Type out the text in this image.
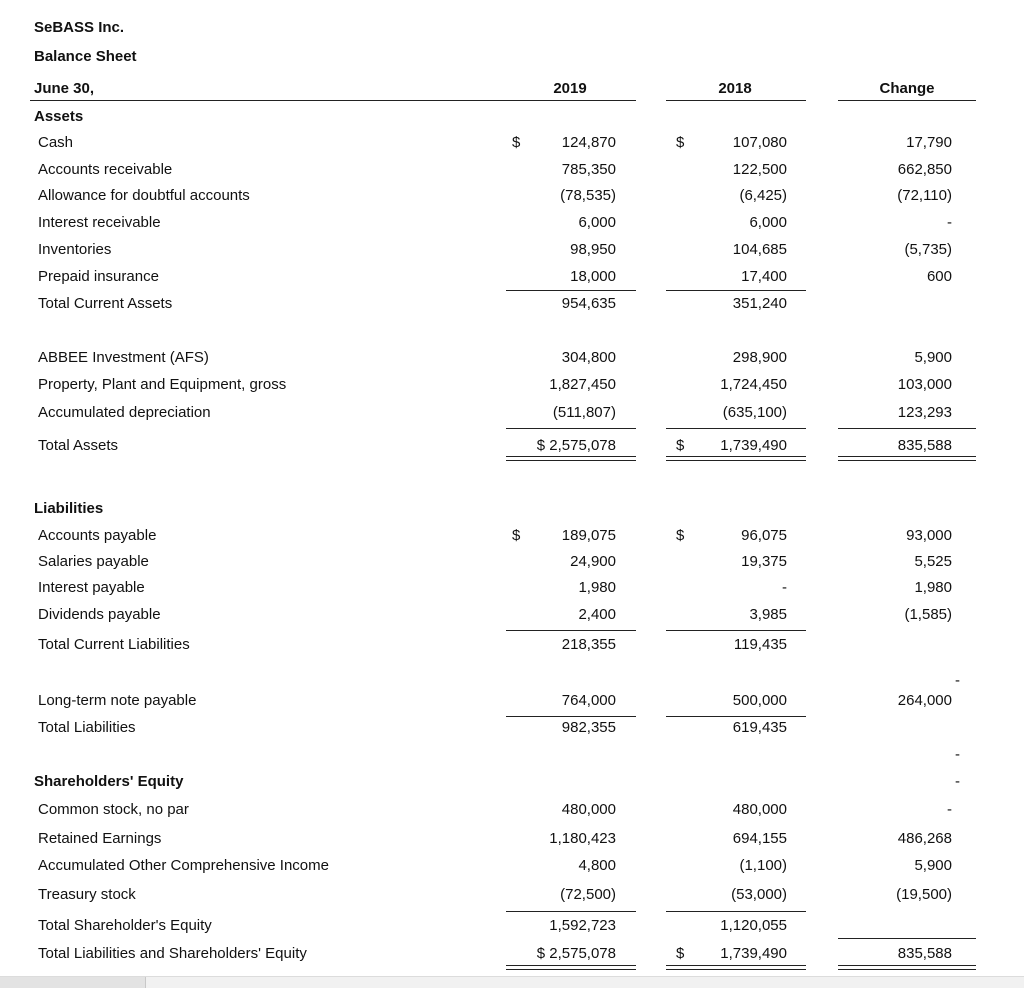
SeBASS Inc.
Balance Sheet
June 30,	2019	2018	Change
Assets
Liabilities
Shareholders' Equity
Cash	$	124,870	$	107,080	17,790
Accounts receivable	785,350	122,500	662,850
Allowance for doubtful accounts	(78,535)	(6,425)	(72,110)
Interest receivable	6,000	6,000	-
Inventories	98,950	104,685	(5,735)
Prepaid insurance	18,000	17,400	600
Total Current Assets	954,635	351,240
ABBEE Investment (AFS)	304,800	298,900	5,900
Property, Plant and Equipment, gross	1,827,450	1,724,450	103,000
Accumulated depreciation	(511,807)	(635,100)	123,293
Total Assets	$ 2,575,078	$	1,739,490	835,588
Accounts payable	$	189,075	$	96,075	93,000
Salaries payable	24,900	19,375	5,525
Interest payable	1,980	-	1,980
Dividends payable	2,400	3,985	(1,585)
Total Current Liabilities	218,355	119,435
Long-term note payable	764,000	500,000	264,000
Total Liabilities	982,355	619,435
Common stock, no par	480,000	480,000	-
Retained Earnings	1,180,423	694,155	486,268
Accumulated Other Comprehensive Income	4,800	(1,100)	5,900
Treasury stock	(72,500)	(53,000)	(19,500)
Total Shareholder's Equity	1,592,723	1,120,055
Total Liabilities and Shareholders' Equity	$ 2,575,078	$	1,739,490	835,588
-
-
-
